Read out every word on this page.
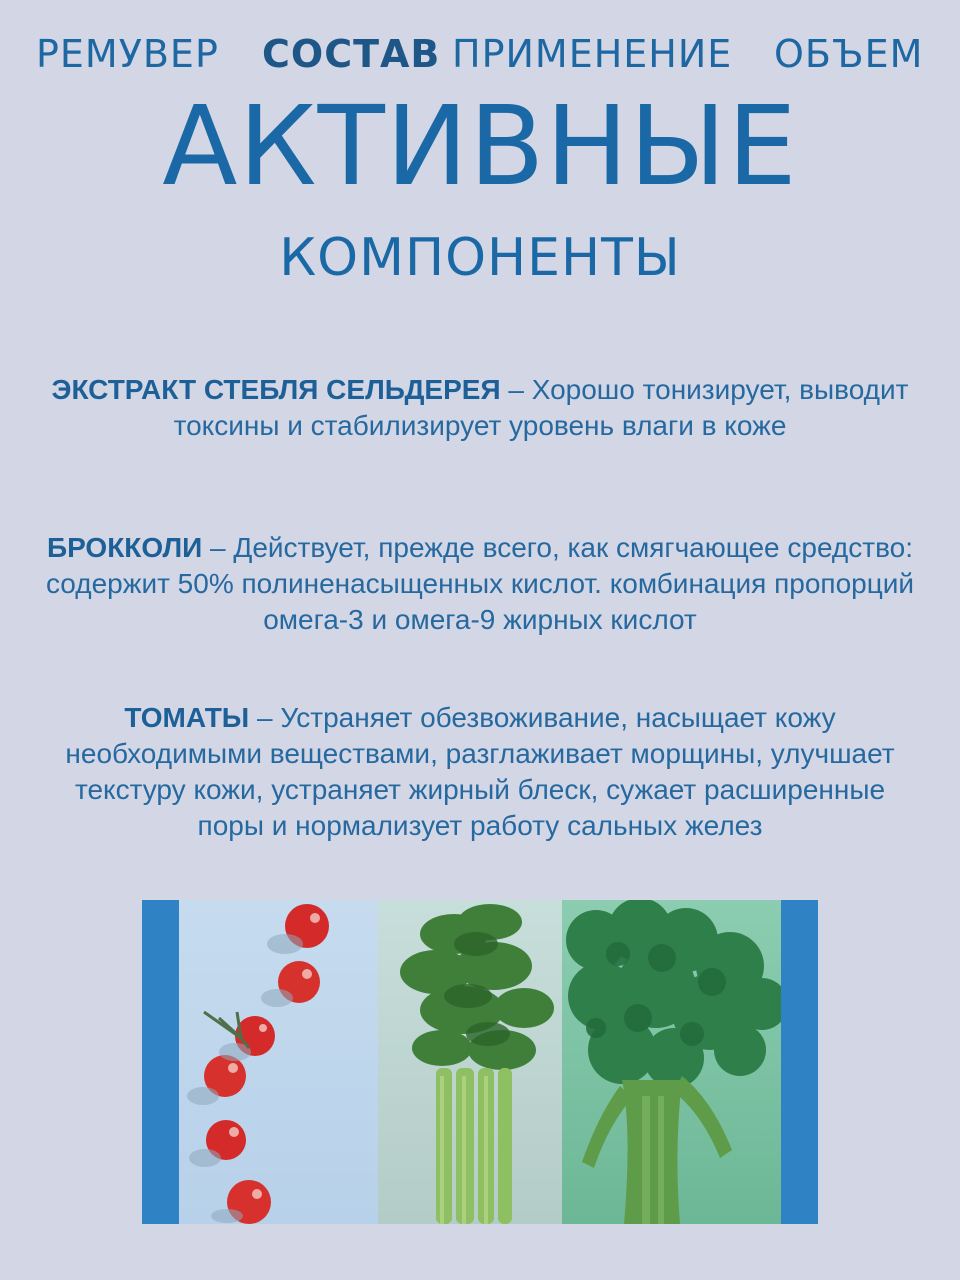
РЕМУВЕР СОСТАВ ПРИМЕНЕНИЕ ОБЪЕМ
АКТИВНЫЕ
КОМПОНЕНТЫ

ЭКСТРАКТ СТЕБЛЯ СЕЛЬДЕРЕЯ – Хорошо тонизирует, выводит токсины и стабилизирует уровень влаги в коже

БРОККОЛИ – Действует, прежде всего, как смягчающее средство: содержит 50% полиненасыщенных кислот. комбинация пропорций омега-3 и омега-9 жирных кислот

ТОМАТЫ – Устраняет обезвоживание, насыщает кожу необходимыми веществами, разглаживает морщины, улучшает текстуру кожи, устраняет жирный блеск, сужает расширенные поры и нормализует работу сальных желез
